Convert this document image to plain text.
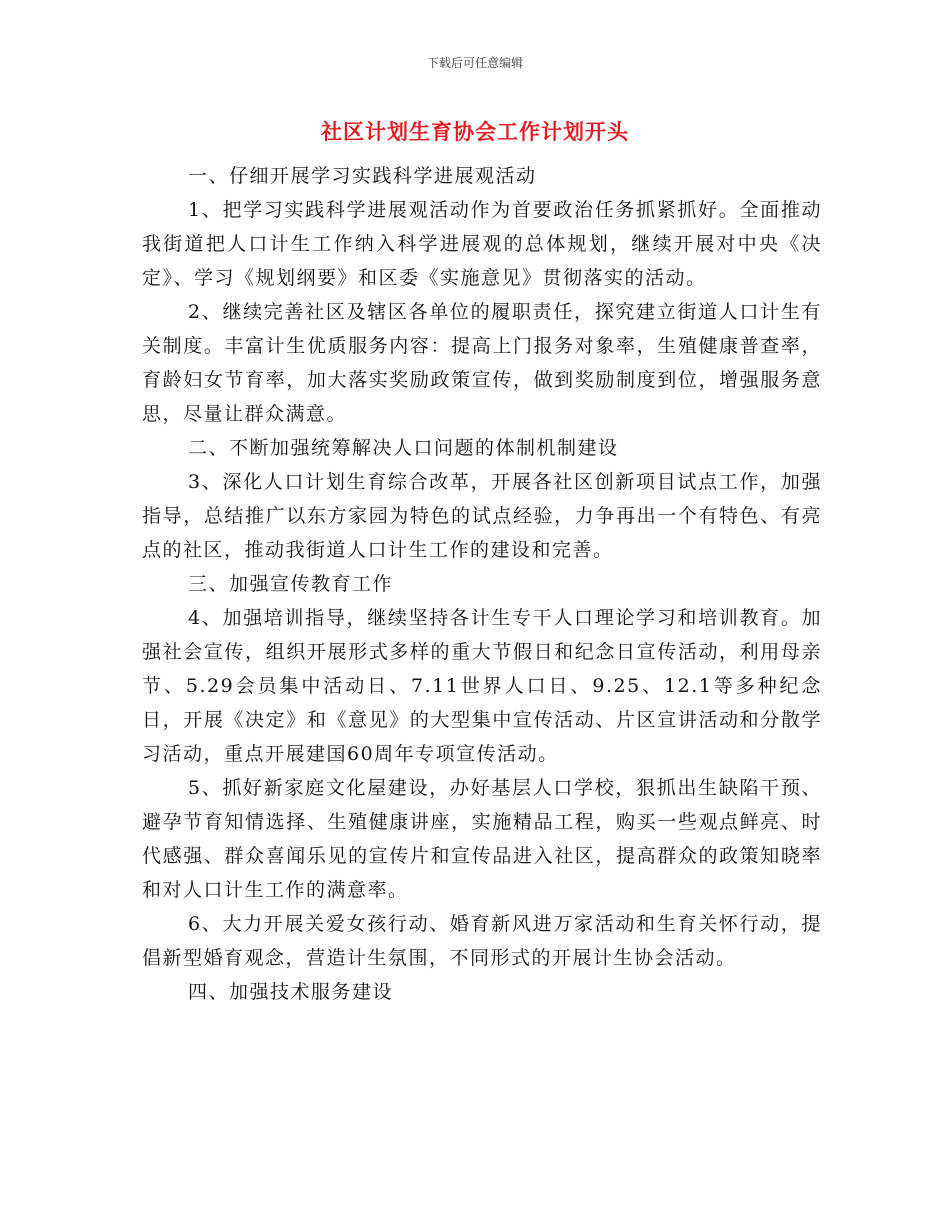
下载后可任意编辑
社区计划生育协会工作计划开头

一、仔细开展学习实践科学进展观活动

1、把学习实践科学进展观活动作为首要政治任务抓紧抓好。全面推动我街道把人口计生工作纳入科学进展观的总体规划，继续开展对中央《决定》、学习《规划纲要》和区委《实施意见》贯彻落实的活动。

2、继续完善社区及辖区各单位的履职责任，探究建立街道人口计生有关制度。丰富计生优质服务内容：提高上门报务对象率，生殖健康普查率，育龄妇女节育率，加大落实奖励政策宣传，做到奖励制度到位，增强服务意思，尽量让群众满意。

二、不断加强统筹解决人口问题的体制机制建设

3、深化人口计划生育综合改革，开展各社区创新项目试点工作，加强指导，总结推广以东方家园为特色的试点经验，力争再出一个有特色、有亮点的社区，推动我街道人口计生工作的建设和完善。

三、加强宣传教育工作

4、加强培训指导，继续坚持各计生专干人口理论学习和培训教育。加强社会宣传，组织开展形式多样的重大节假日和纪念日宣传活动，利用母亲节、5.29会员集中活动日、7.11世界人口日、9.25、12.1等多种纪念日，开展《决定》和《意见》的大型集中宣传活动、片区宣讲活动和分散学习活动，重点开展建国60周年专项宣传活动。

5、抓好新家庭文化屋建设，办好基层人口学校，狠抓出生缺陷干预、避孕节育知情选择、生殖健康讲座，实施精品工程，购买一些观点鲜亮、时代感强、群众喜闻乐见的宣传片和宣传品进入社区，提高群众的政策知晓率和对人口计生工作的满意率。

6、大力开展关爱女孩行动、婚育新风进万家活动和生育关怀行动，提倡新型婚育观念，营造计生氛围，不同形式的开展计生协会活动。

四、加强技术服务建设
